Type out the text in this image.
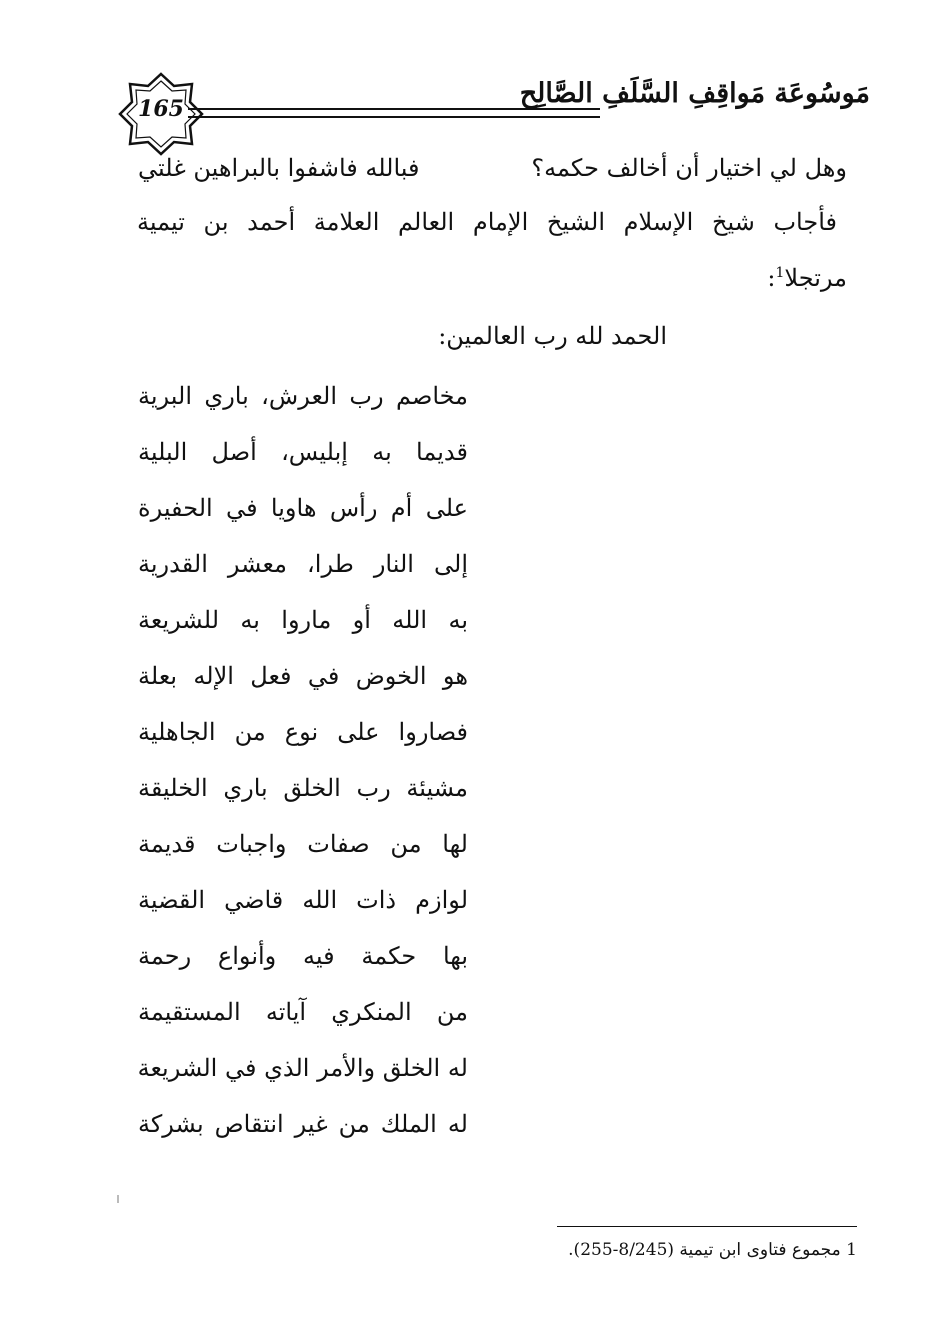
165	مَوسُوعَة مَواقِفِ السَّلَفِ الصَّالِح
وهل لي اختيار أن أخالف حكمه؟
فبالله فاشفوا بالبراهين غلتي
فأجاب شيخ الإسلام الشيخ الإمام العالم العلامة أحمد بن تيمية
مرتجلا$^1$:
الحمد لله رب العالمين:
مخاصم رب العرش، باري البرية
قديما به إبليس، أصل البلية
على أم رأس هاويا في الحفيرة
إلى النار طرا، معشر القدرية
به الله أو ماروا به للشريعة
هو الخوض في فعل الإله بعلة
فصاروا على نوع من الجاهلية
مشيئة رب الخلق باري الخليقة
لها من صفات واجبات قديمة
لوازم ذات الله قاضي القضية
بها حكمة فيه وأنواع رحمة
من المنكري آياته المستقيمة
له الخلق والأمر الذي في الشريعة
له الملك من غير انتقاص بشركة
1 مجموع فتاوى ابن تيمية (8/245-255).
